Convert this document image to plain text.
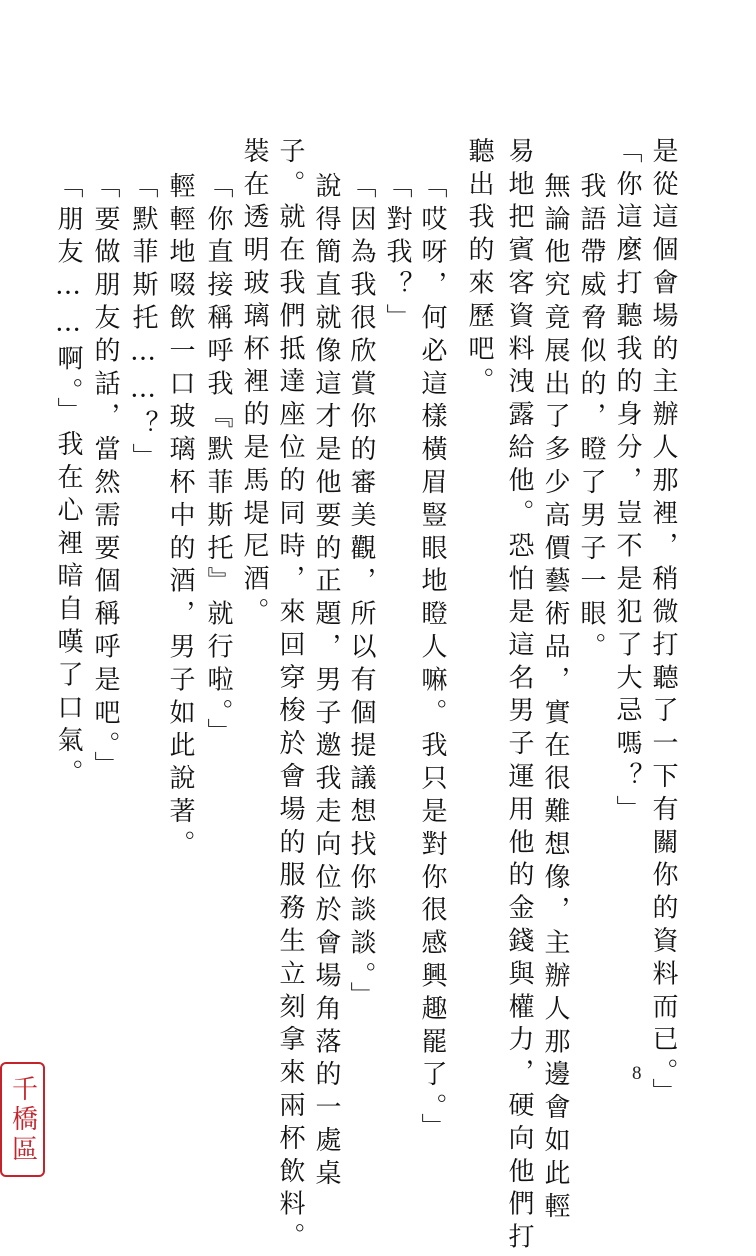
聽出我的來歷吧。 易地把賓客資料洩露給他。恐怕是這名男子運用他的金錢與權力，硬向他們打 無論他究竟展出了多少高價藝術品，實在很難想像，主辦人那邊會如此輕 我語帶威脅似的，瞪了男子一眼。 「你這麼打聽我的身分，豈不是犯了大忌嗎？」 是從這個會場的主辦人那裡，稍微打聽了一下有關你的資料而已。」
「哎呀，何必這樣橫眉豎眼地瞪人嘛。我只是對你很感興趣罷了。」
「對我？」
「因為我很欣賞你的審美觀，所以有個提議想找你談談。」
說得簡直就像這才是他要的正題，男子邀我走向位於會場角落的一處桌
子。就在我們抵達座位的同時，來回穿梭於會場的服務生立刻拿來兩杯飲料。
裝在透明玻璃杯裡的是馬堤尼酒。
「你直接稱呼我『默菲斯托』就行啦。」
輕輕地啜飲一口玻璃杯中的酒，男子如此說著。
「默菲斯托……？」
「要做朋友的話，當然需要個稱呼是吧。」
「朋友……啊。」我在心裡暗自嘆了口氣。
8
千橋區
